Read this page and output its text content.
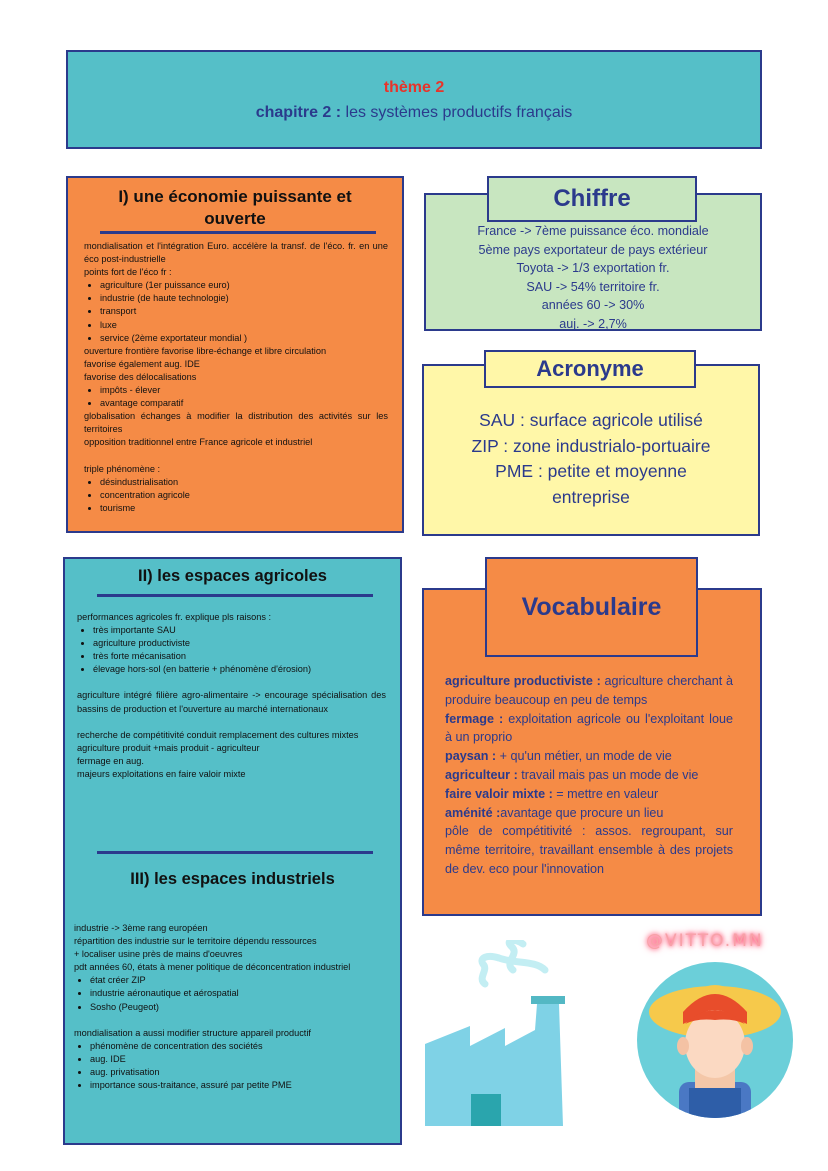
thème 2
chapitre 2 : les systèmes productifs français
I) une économie puissante et
ouverte

mondialisation et l'intégration Euro. accélère la transf. de l'éco. fr. en une éco post-industrielle

points fort de l'éco fr :

• agriculture (1er puissance euro)
• industrie (de haute technologie)
• transport
• luxe
• service (2ème exportateur mondial )

ouverture frontière favorise libre-échange et libre circulation

favorise également aug. IDE

favorise des délocalisations

• impôts - élever
• avantage comparatif

globalisation échanges à modifier la distribution des activités sur les territoires

opposition traditionnel entre France agricole et industriel

triple phénomène :

• désindustrialisation
• concentration agricole
• tourisme
France -> 7ème puissance éco. mondiale
5ème pays exportateur de pays extérieur
Toyota -> 1/3 exportation fr.
SAU -> 54% territoire fr.
années 60 -> 30%
auj. -> 2,7%
Chiffre
SAU : surface agricole utilisé
ZIP : zone industrialo-portuaire
PME : petite et moyenne
entreprise
Acronyme
II) les espaces agricoles

performances agricoles fr. explique pls raisons :

• très importante SAU
• agriculture productiviste
• très forte mécanisation
• élevage hors-sol (en batterie + phénomène d'érosion)

agriculture intégré filière agro-alimentaire -> encourage spécialisation des bassins de production et l'ouverture au marché internationaux

recherche de compétitivité conduit remplacement des cultures mixtes

agriculture produit +mais produit - agriculteur

fermage en aug.

majeurs exploitations en faire valoir mixte

III) les espaces industriels

industrie -> 3ème rang européen

répartition des industrie sur le territoire dépendu ressources

+ localiser usine près de mains d'oeuvres

pdt années 60, états à mener politique de déconcentration industriel

• état créer ZIP
• industrie aéronautique et aérospatial
• Sosho (Peugeot)

mondialisation a aussi modifier structure appareil productif

• phénomène de concentration des sociétés
• aug. IDE
• aug. privatisation
• importance sous-traitance, assuré par petite PME

agriculture productiviste : agriculture cherchant à produire beaucoup en peu de temps

fermage : exploitation agricole ou l'exploitant loue à un proprio

paysan : + qu'un métier, un mode de vie

agriculteur : travail mais pas un mode de vie

faire valoir mixte : = mettre en valeur

aménité :avantage que procure un lieu

pôle de compétitivité : assos. regroupant, sur même territoire, travaillant ensemble à des projets de dev. eco pour l'innovation

Vocabulaire
@VITTO.MN
